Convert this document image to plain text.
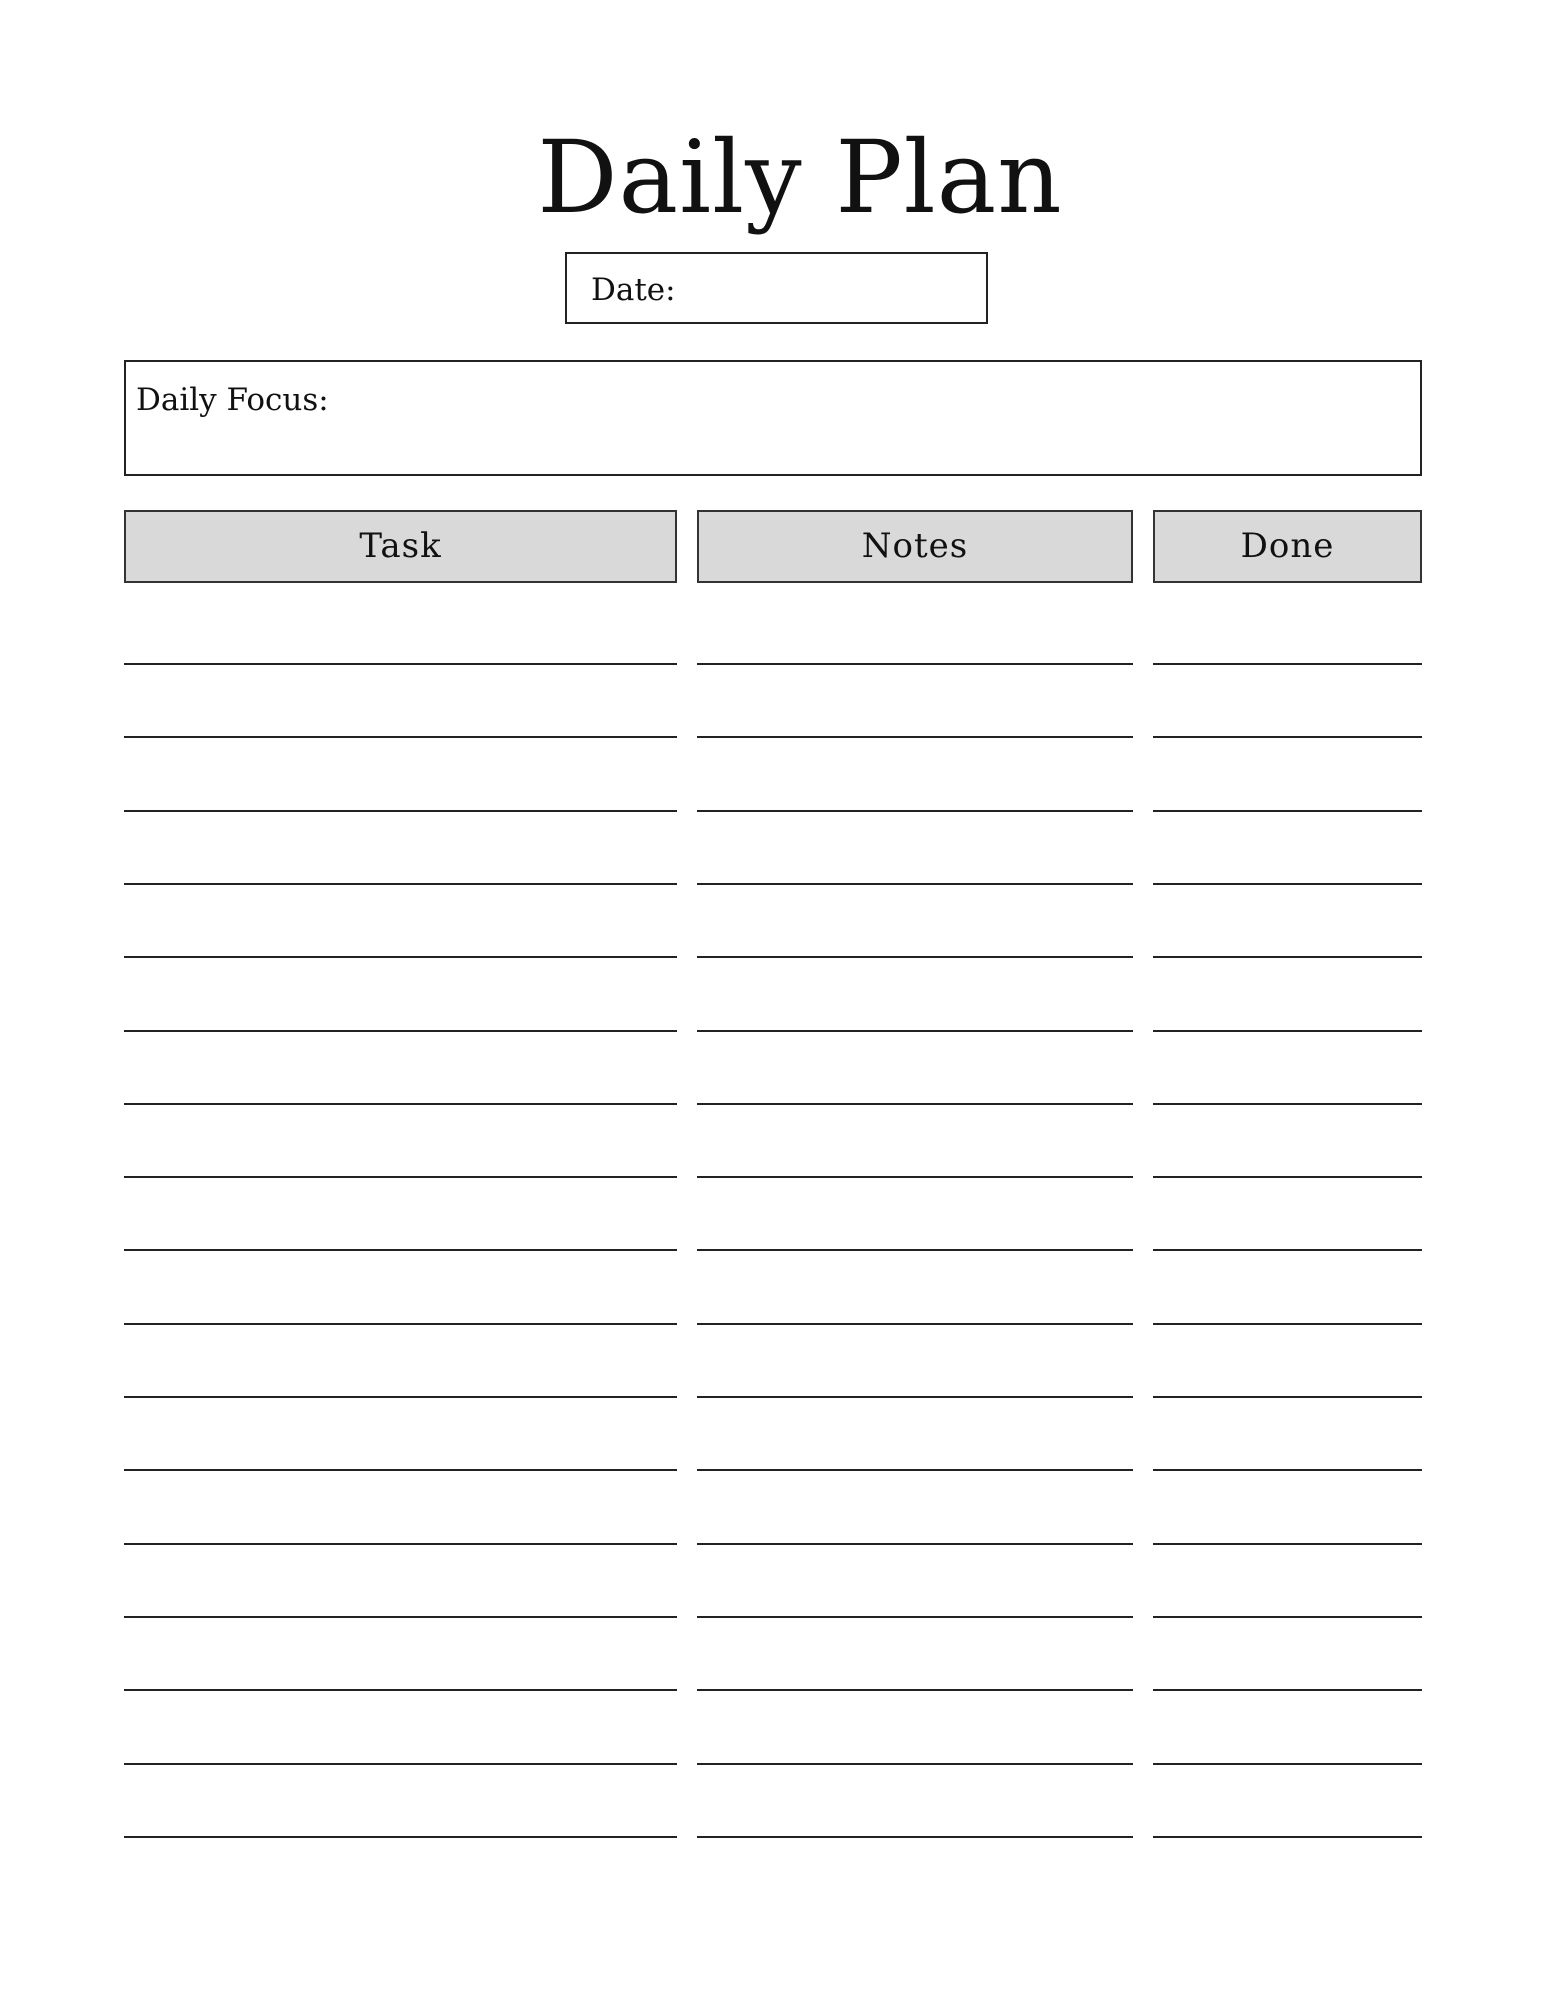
Daily Plan
Date:
Daily Focus:
Task	Notes	Done
